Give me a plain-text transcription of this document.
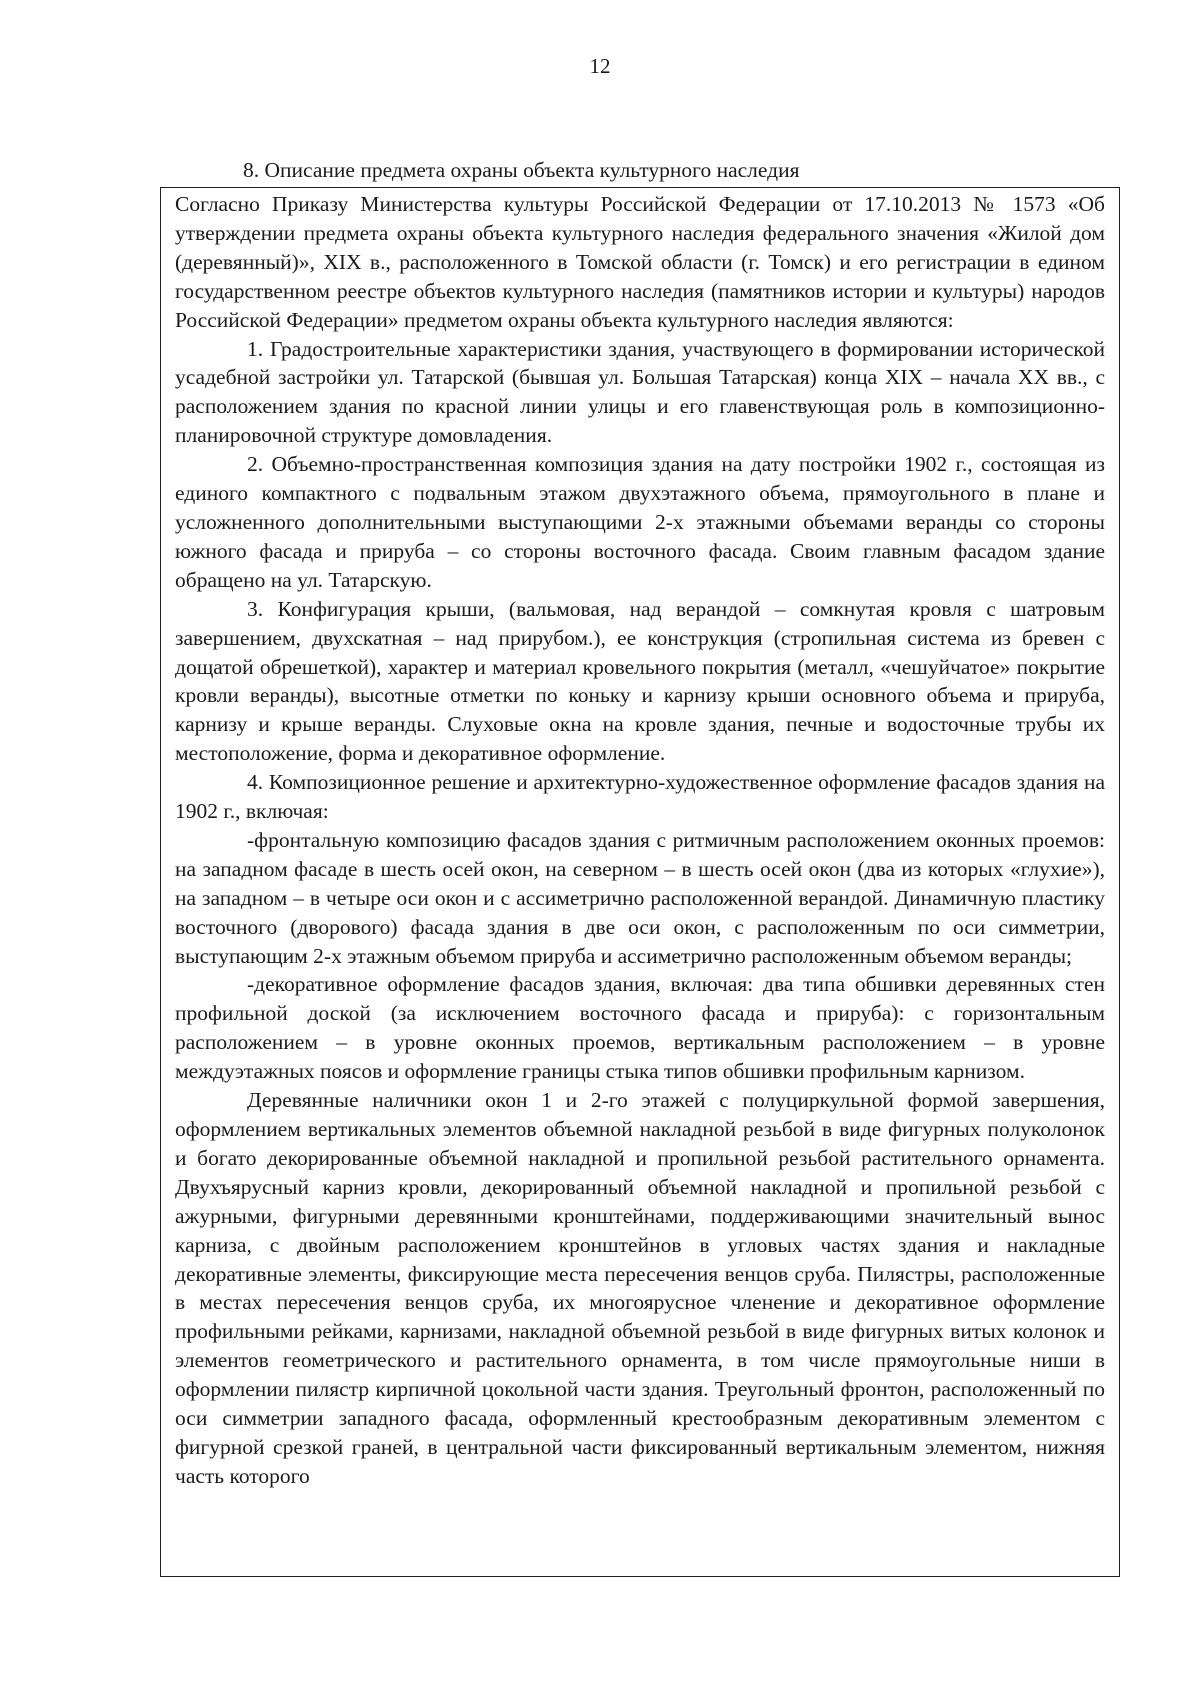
12
8. Описание предмета охраны объекта культурного наследия

Согласно Приказу Министерства культуры Российской Федерации от 17.10.2013 № 1573 «Об утверждении предмета охраны объекта культурного наследия федерального значения «Жилой дом (деревянный)», XIX в., расположенного в Томской области (г. Томск) и его регистрации в едином государственном реестре объектов культурного наследия (памятников истории и культуры) народов Российской Федерации» предметом охраны объекта культурного наследия являются:

1. Градостроительные характеристики здания, участвующего в формировании исторической усадебной застройки ул. Татарской (бывшая ул. Большая Татарская) конца XIX – начала XX вв., с расположением здания по красной линии улицы и его главенствующая роль в композиционно-планировочной структуре домовладения.

2. Объемно-пространственная композиция здания на дату постройки 1902 г., состоящая из единого компактного с подвальным этажом двухэтажного объема, прямоугольного в плане и усложненного дополнительными выступающими 2-х этажными объемами веранды со стороны южного фасада и прируба – со стороны восточного фасада. Своим главным фасадом здание обращено на ул. Татарскую.

3. Конфигурация крыши, (вальмовая, над верандой – сомкнутая кровля с шатровым завершением, двухскатная – над прирубом.), ее конструкция (стропильная система из бревен с дощатой обрешеткой), характер и материал кровельного покрытия (металл, «чешуйчатое» покрытие кровли веранды), высотные отметки по коньку и карнизу крыши основного объема и прируба, карнизу и крыше веранды. Слуховые окна на кровле здания, печные и водосточные трубы их местоположение, форма и декоративное оформление.

4. Композиционное решение и архитектурно-художественное оформление фасадов здания на 1902 г., включая:

-фронтальную композицию фасадов здания с ритмичным расположением оконных проемов: на западном фасаде в шесть осей окон, на северном – в шесть осей окон (два из которых «глухие»), на западном – в четыре оси окон и с ассиметрично расположенной верандой. Динамичную пластику восточного (дворового) фасада здания в две оси окон, с расположенным по оси симметрии, выступающим 2-х этажным объемом прируба и ассиметрично расположенным объемом веранды;

-декоративное оформление фасадов здания, включая: два типа обшивки деревянных стен профильной доской (за исключением восточного фасада и прируба): с горизонтальным расположением – в уровне оконных проемов, вертикальным расположением – в уровне междуэтажных поясов и оформление границы стыка типов обшивки профильным карнизом.

Деревянные наличники окон 1 и 2-го этажей с полуциркульной формой завершения, оформлением вертикальных элементов объемной накладной резьбой в виде фигурных полуколонок и богато декорированные объемной накладной и пропильной резьбой растительного орнамента. Двухъярусный карниз кровли, декорированный объемной накладной и пропильной резьбой с ажурными, фигурными деревянными кронштейнами, поддерживающими значительный вынос карниза, с двойным расположением кронштейнов в угловых частях здания и накладные декоративные элементы, фиксирующие места пересечения венцов сруба. Пилястры, расположенные в местах пересечения венцов сруба, их многоярусное членение и декоративное оформление профильными рейками, карнизами, накладной объемной резьбой в виде фигурных витых колонок и элементов геометрического и растительного орнамента, в том числе прямоугольные ниши в оформлении пилястр кирпичной цокольной части здания. Треугольный фронтон, расположенный по оси симметрии западного фасада, оформленный крестообразным декоративным элементом с фигурной срезкой граней, в центральной части фиксированный вертикальным элементом, нижняя часть которого
